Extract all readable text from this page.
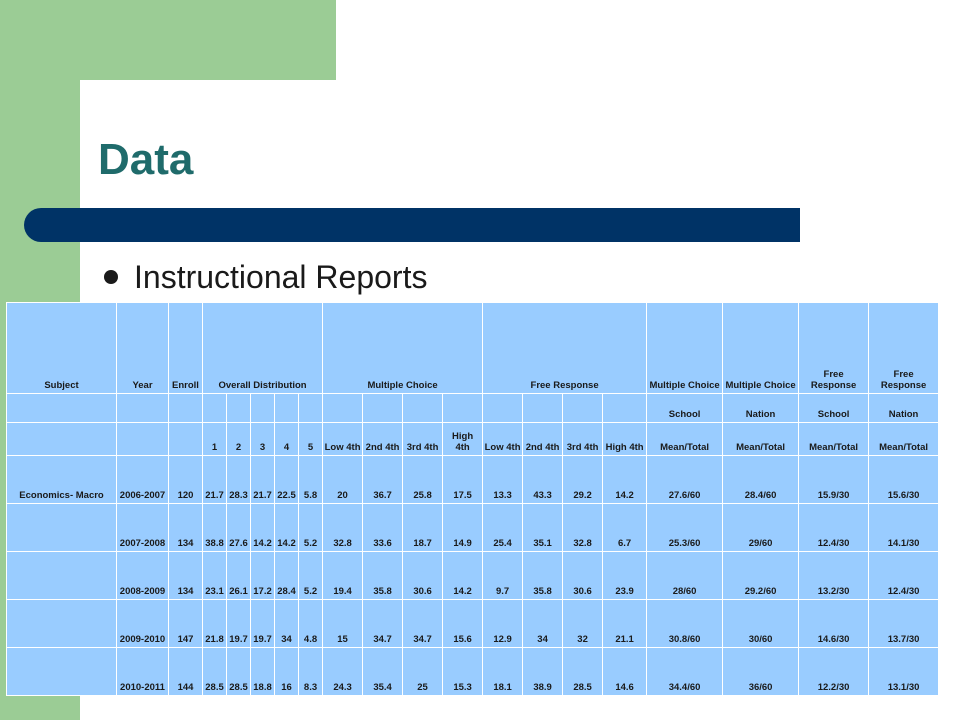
Data
Instructional Reports
Subject	Year	Enroll	Overall Distribution					Multiple Choice				Free Response				Multiple Choice	Multiple Choice	Free Response	Free Response
																School	Nation	School	Nation
			1	2	3	4	5	Low 4th	2nd 4th	3rd 4th	High 4th	Low 4th	2nd 4th	3rd 4th	High 4th	Mean/Total	Mean/Total	Mean/Total	Mean/Total
Economics- Macro	2006-2007	120	21.7	28.3	21.7	22.5	5.8	20	36.7	25.8	17.5	13.3	43.3	29.2	14.2	27.6/60	28.4/60	15.9/30	15.6/30
	2007-2008	134	38.8	27.6	14.2	14.2	5.2	32.8	33.6	18.7	14.9	25.4	35.1	32.8	6.7	25.3/60	29/60	12.4/30	14.1/30
	2008-2009	134	23.1	26.1	17.2	28.4	5.2	19.4	35.8	30.6	14.2	9.7	35.8	30.6	23.9	28/60	29.2/60	13.2/30	12.4/30
	2009-2010	147	21.8	19.7	19.7	34	4.8	15	34.7	34.7	15.6	12.9	34	32	21.1	30.8/60	30/60	14.6/30	13.7/30
	2010-2011	144	28.5	28.5	18.8	16	8.3	24.3	35.4	25	15.3	18.1	38.9	28.5	14.6	34.4/60	36/60	12.2/30	13.1/30
